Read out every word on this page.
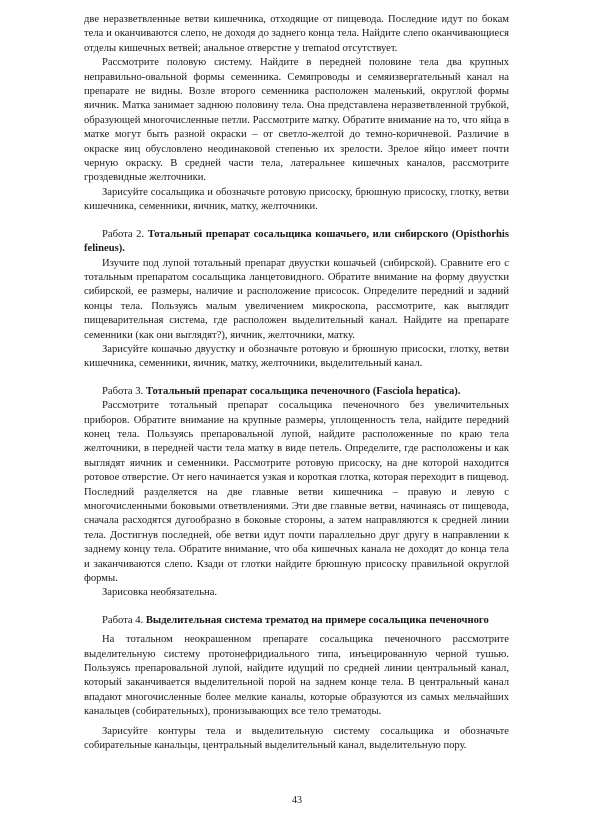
две неразветвленные ветви кишечника, отходящие от пищевода. Последние идут по бокам тела и оканчиваются слепо, не доходя до заднего конца тела. Найдите слепо оканчивающиеся отделы кишечных ветвей; анальное отверстие у trematod отсутствует.

Рассмотрите половую систему. Найдите в передней половине тела два крупных неправильно-овальной формы семенника. Семяпроводы и семяизвергательный канал на препарате не видны. Возле второго семенника расположен маленький, округлой формы яичник. Матка занимает заднюю половину тела. Она представлена неразветвленной трубкой, образующей многочисленные петли. Рассмотрите матку. Обратите внимание на то, что яйца в матке могут быть разной окраски – от светло-желтой до темно-коричневой. Различие в окраске яиц обусловлено неодинаковой степенью их зрелости. Зрелое яйцо имеет почти черную окраску. В средней части тела, латеральнее кишечных каналов, рассмотрите гроздевидные желточники.

Зарисуйте сосальщика и обозначьте ротовую присоску, брюшную присоску, глотку, ветви кишечника, семенники, яичник, матку, желточники.

Работа 2. Тотальный препарат сосальщика кошачьего, или сибирского (Opisthorhis felineus).

Изучите под лупой тотальный препарат двуустки кошачьей (сибирской). Сравните его с тотальным препаратом сосальщика ланцетовидного. Обратите внимание на форму двуустки сибирской, ее размеры, наличие и расположение присосок. Определите передний и задний концы тела. Пользуясь малым увеличением микроскопа, рассмотрите, как выглядит пищеварительная система, где расположен выделительный канал. Найдите на препарате семенники (как они выглядят?), яичник, желточники, матку.

Зарисуйте кошачью двуустку и обозначьте ротовую и брюшную присоски, глотку, ветви кишечника, семенники, яичник, матку, желточники, выделительный канал.

Работа 3. Тотальный препарат сосальщика печеночного (Fasciola hepatica).

Рассмотрите тотальный препарат сосальщика печеночного без увеличительных приборов. Обратите внимание на крупные размеры, уплощенность тела, найдите передний конец тела. Пользуясь препаровальной лупой, найдите расположенные по краю тела желточники, в передней части тела матку в виде петель. Определите, где расположены и как выглядят яичник и семенники. Рассмотрите ротовую присоску, на дне которой находится ротовое отверстие. От него начинается узкая и короткая глотка, которая переходит в пищевод. Последний разделяется на две главные ветви кишечника – правую и левую с многочисленными боковыми ответвлениями. Эти две главные ветви, начинаясь от пищевода, сначала расходятся дугообразно в боковые стороны, а затем направляются к средней линии тела. Достигнув последней, обе ветви идут почти параллельно друг другу в направлении к заднему концу тела. Обратите внимание, что оба кишечных канала не доходят до конца тела и заканчиваются слепо. Кзади от глотки найдите брюшную присоску правильной округлой формы.

Зарисовка необязательна.

Работа 4. Выделительная система трематод на примере сосальщика печеночного

На тотальном неокрашенном препарате сосальщика печеночного рассмотрите выделительную систему протонефридиального типа, инъецированную черной тушью. Пользуясь препаровальной лупой, найдите идущий по средней линии центральный канал, который заканчивается выделительной порой на заднем конце тела. В центральный канал впадают многочисленные более мелкие каналы, которые образуются из самых мельчайших канальцев (собирательных), пронизывающих все тело трематоды.

Зарисуйте контуры тела и выделительную систему сосальщика и обозначьте собирательные канальцы, центральный выделительный канал, выделительную пору.

43
